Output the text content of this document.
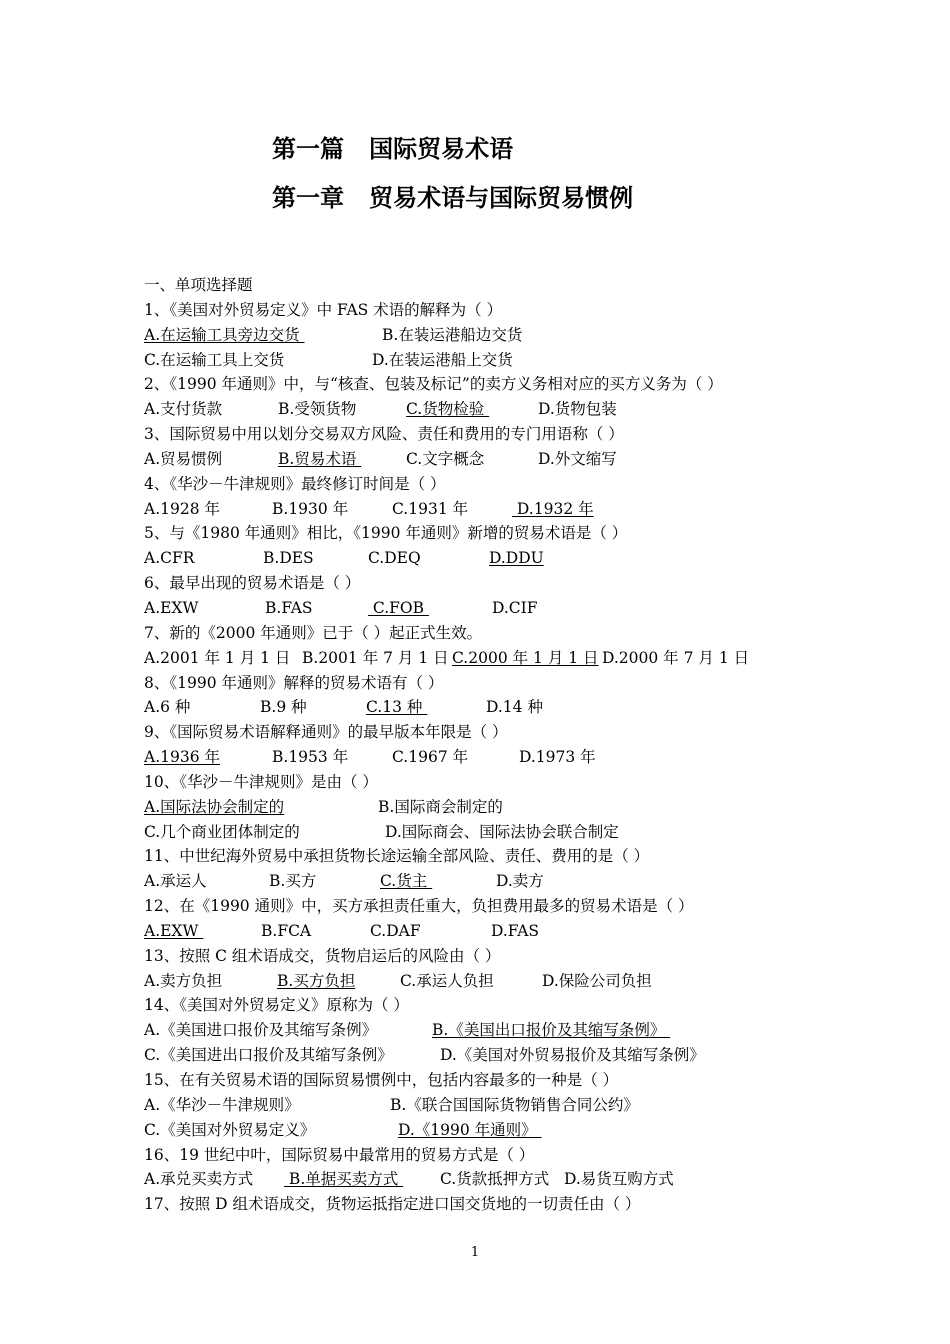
第一篇   国际贸易术语
第一章   贸易术语与国际贸易惯例
一、单项选择题
1、《美国对外贸易定义》中 FAS 术语的解释为（ ）
A.在运输工具旁边交货	B.在装运港船边交货
C.在运输工具上交货	D.在装运港船上交货
2、《1990 年通则》中，与“核查、包装及标记”的卖方义务相对应的买方义务为（ ）
A.支付货款	B.受领货物	C.货物检验	D.货物包装
3、国际贸易中用以划分交易双方风险、责任和费用的专门用语称（ ）
A.贸易惯例	B.贸易术语	C.文字概念	D.外文缩写
4、《华沙－牛津规则》最终修订时间是（ ）
A.1928 年	B.1930 年	C.1931 年	D.1932 年
5、与《1980 年通则》相比，《1990 年通则》新增的贸易术语是（ ）
A.CFR	B.DES	C.DEQ	D.DDU
6、最早出现的贸易术语是（ ）
A.EXW	B.FAS	C.FOB	D.CIF
7、新的《2000 年通则》已于（ ）起正式生效。
A.2001 年 1 月 1 日 B.2001 年 7 月 1 日 C.2000 年 1 月 1 日 D.2000 年 7 月 1 日
8、《1990 年通则》解释的贸易术语有（ ）
A.6 种	B.9 种	C.13 种	D.14 种
9、《国际贸易术语解释通则》的最早版本年限是（ ）
A.1936 年	B.1953 年	C.1967 年	D.1973 年
10、《华沙－牛津规则》是由（ ）
A.国际法协会制定的	B.国际商会制定的
C.几个商业团体制定的	D.国际商会、国际法协会联合制定
11、中世纪海外贸易中承担货物长途运输全部风险、责任、费用的是（ ）
A.承运人	B.买方	C.货主	D.卖方
12、在《1990 通则》中，买方承担责任重大，负担费用最多的贸易术语是（ ）
A.EXW	B.FCA	C.DAF	D.FAS
13、按照 C 组术语成交，货物启运后的风险由（ ）
A.卖方负担	B.买方负担	C.承运人负担	D.保险公司负担
14、《美国对外贸易定义》原称为（ ）
A.《美国进口报价及其缩写条例》	B.《美国出口报价及其缩写条例》
C.《美国进出口报价及其缩写条例》	D.《美国对外贸易报价及其缩写条例》
15、在有关贸易术语的国际贸易惯例中，包括内容最多的一种是（ ）
A.《华沙－牛津规则》	B.《联合国国际货物销售合同公约》
C.《美国对外贸易定义》	D.《1990 年通则》
16、19 世纪中叶，国际贸易中最常用的贸易方式是（ ）
A.承兑买卖方式 B.单据买卖方式 C.货款抵押方式 D.易货互购方式
17、按照 D 组术语成交，货物运抵指定进口国交货地的一切责任由（ ）
1
